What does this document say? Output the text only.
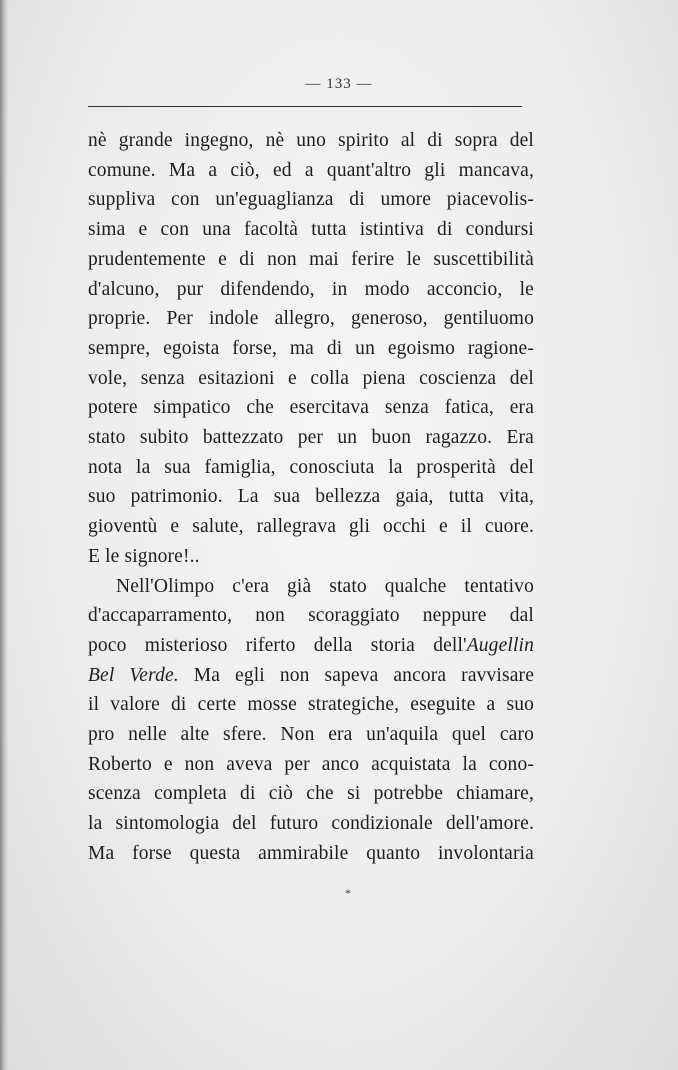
— 133 —
nè grande ingegno, nè uno spirito al di sopra del
comune. Ma a ciò, ed a quant'altro gli mancava,
suppliva con un'eguaglianza di umore piacevolis-
sima e con una facoltà tutta istintiva di condursi
prudentemente e di non mai ferire le suscettibilità
d'alcuno, pur difendendo, in modo acconcio, le
proprie. Per indole allegro, generoso, gentiluomo
sempre, egoista forse, ma di un egoismo ragione-
vole, senza esitazioni e colla piena coscienza del
potere simpatico che esercitava senza fatica, era
stato subito battezzato per un buon ragazzo. Era
nota la sua famiglia, conosciuta la prosperità del
suo patrimonio. La sua bellezza gaia, tutta vita,
gioventù e salute, rallegrava gli occhi e il cuore.
E le signore!..
Nell'Olimpo c'era già stato qualche tentativo
d'accaparramento, non scoraggiato neppure dal
poco misterioso riferto della storia dell'Augellin
Bel Verde. Ma egli non sapeva ancora ravvisare
il valore di certe mosse strategiche, eseguite a suo
pro nelle alte sfere. Non era un'aquila quel caro
Roberto e non aveva per anco acquistata la cono-
scenza completa di ciò che si potrebbe chiamare,
la sintomologia del futuro condizionale dell'amore.
Ma forse questa ammirabile quanto involontaria
*
